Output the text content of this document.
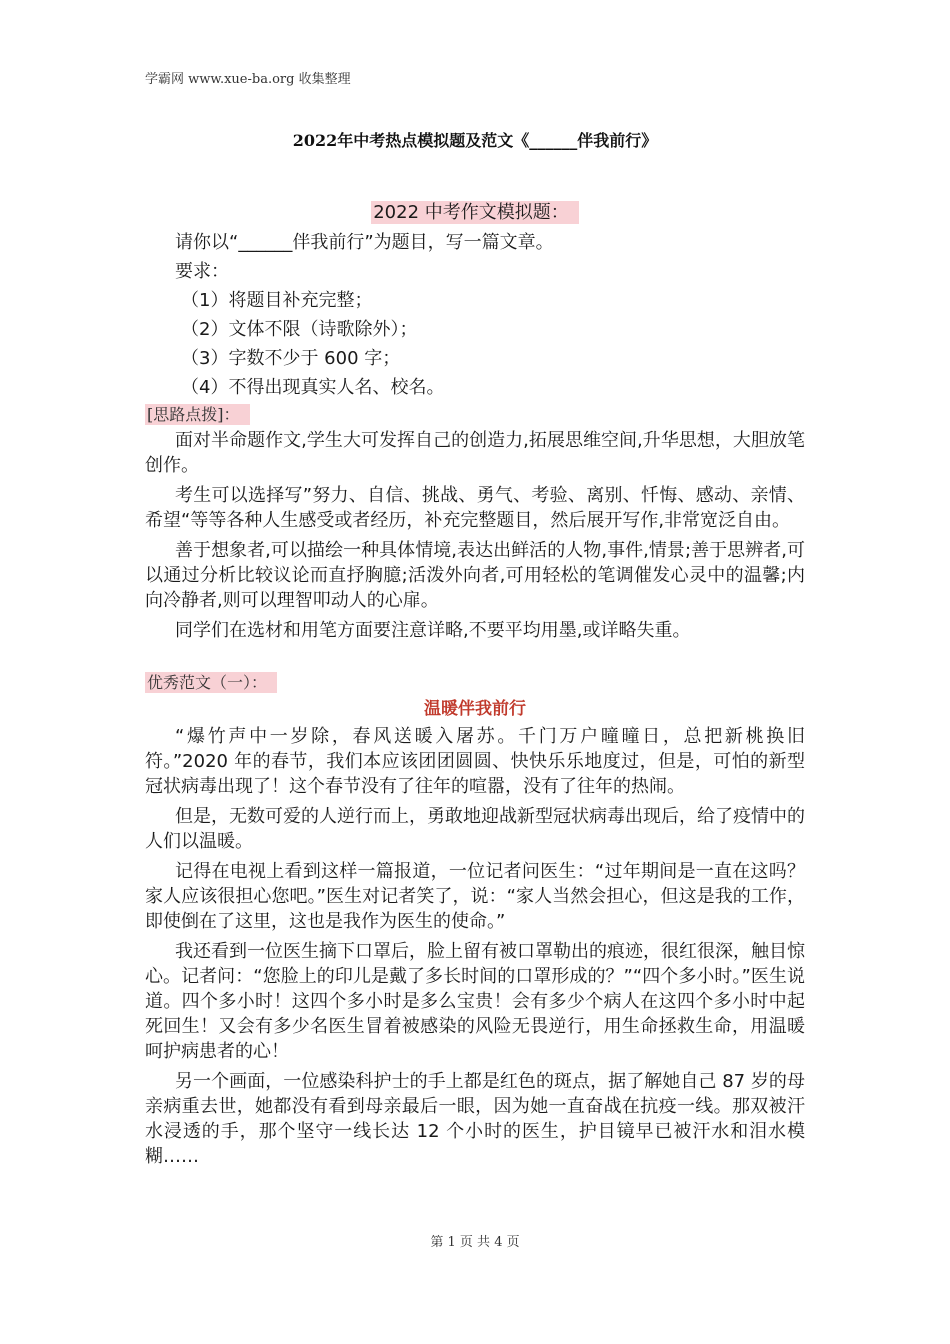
学霸网 www.xue-ba.org 收集整理
2022年中考热点模拟题及范文《______伴我前行》
2022 中考作文模拟题：

请你以“______伴我前行”为题目，写一篇文章。

要求：

（1）将题目补充完整；

（2）文体不限（诗歌除外）；

（3）字数不少于 600 字；

（4）不得出现真实人名、校名。

[思路点拨]：

面对半命题作文,学生大可发挥自己的创造力,拓展思维空间,升华思想，大胆放笔创作。

考生可以选择写”努力、自信、挑战、勇气、考验、离别、忏悔、感动、亲情、希望“等等各种人生感受或者经历，补充完整题目，然后展开写作,非常宽泛自由。

善于想象者,可以描绘一种具体情境,表达出鲜活的人物,事件,情景;善于思辨者,可以通过分析比较议论而直抒胸臆;活泼外向者,可用轻松的笔调催发心灵中的温馨;内向冷静者,则可以理智叩动人的心扉。

同学们在选材和用笔方面要注意详略,不要平均用墨,或详略失重。

优秀范文（一）：

温暖伴我前行

“爆竹声中一岁除，春风送暖入屠苏。千门万户曈曈日，总把新桃换旧符。”2020 年的春节，我们本应该团团圆圆、快快乐乐地度过，但是，可怕的新型冠状病毒出现了！这个春节没有了往年的喧嚣，没有了往年的热闹。

但是，无数可爱的人逆行而上，勇敢地迎战新型冠状病毒出现后，给了疫情中的人们以温暖。

记得在电视上看到这样一篇报道，一位记者问医生：“过年期间是一直在这吗？家人应该很担心您吧。”医生对记者笑了，说：“家人当然会担心，但这是我的工作，即使倒在了这里，这也是我作为医生的使命。”

我还看到一位医生摘下口罩后，脸上留有被口罩勒出的痕迹，很红很深，触目惊心。记者问：“您脸上的印儿是戴了多长时间的口罩形成的？”“四个多小时。”医生说道。四个多小时！这四个多小时是多么宝贵！会有多少个病人在这四个多小时中起死回生！又会有多少名医生冒着被感染的风险无畏逆行，用生命拯救生命，用温暖呵护病患者的心！

另一个画面，一位感染科护士的手上都是红色的斑点，据了解她自己 87 岁的母亲病重去世，她都没有看到母亲最后一眼，因为她一直奋战在抗疫一线。那双被汗水浸透的手，那个坚守一线长达 12 个小时的医生，护目镜早已被汗水和泪水模糊……

第 1 页 共 4 页
